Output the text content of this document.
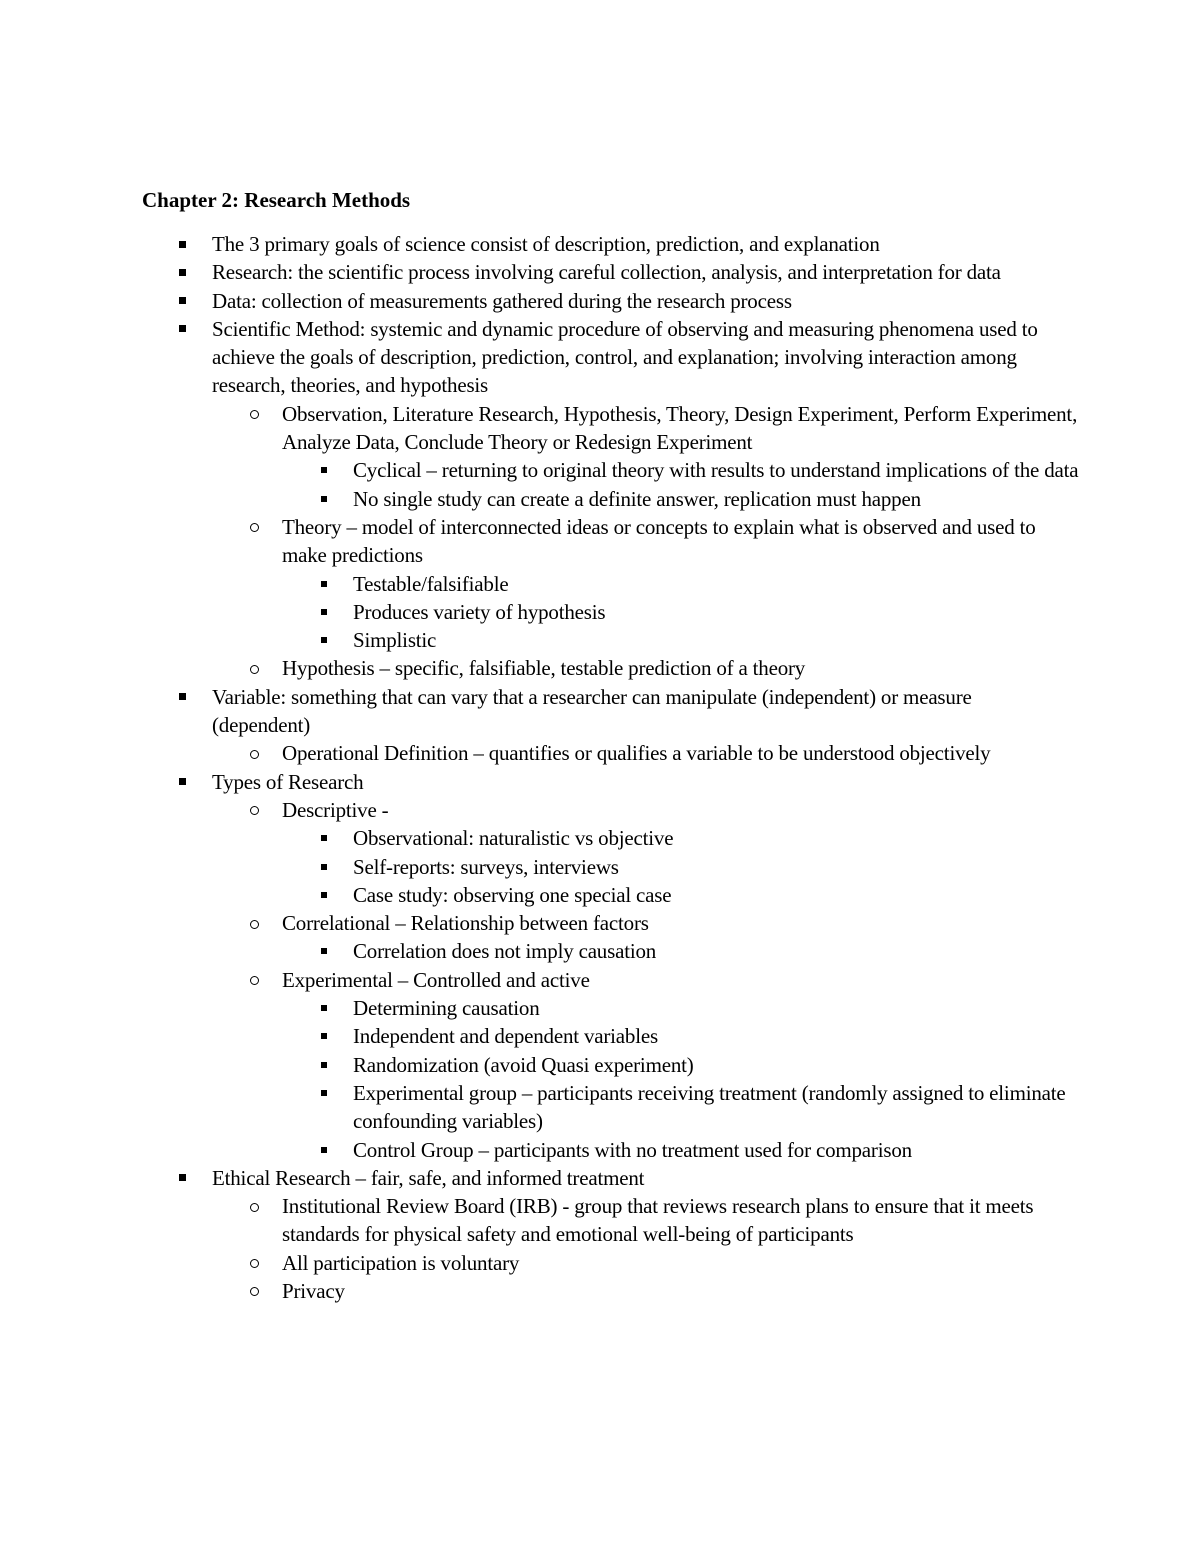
Chapter 2: Research Methods
The 3 primary goals of science consist of description, prediction, and explanation
Research: the scientific process involving careful collection, analysis, and interpretation for data
Data: collection of measurements gathered during the research process
Scientific Method: systemic and dynamic procedure of observing and measuring phenomena used to achieve the goals of description, prediction, control, and explanation; involving interaction among research, theories, and hypothesis
Observation, Literature Research, Hypothesis, Theory, Design Experiment, Perform Experiment, Analyze Data, Conclude Theory or Redesign Experiment
Cyclical – returning to original theory with results to understand implications of the data
No single study can create a definite answer, replication must happen
Theory – model of interconnected ideas or concepts to explain what is observed and used to make predictions
Testable/falsifiable
Produces variety of hypothesis
Simplistic
Hypothesis – specific, falsifiable, testable prediction of a theory
Variable: something that can vary that a researcher can manipulate (independent) or measure (dependent)
Operational Definition – quantifies or qualifies a variable to be understood objectively
Types of Research
Descriptive -
Observational: naturalistic vs objective
Self-reports: surveys, interviews
Case study: observing one special case
Correlational – Relationship between factors
Correlation does not imply causation
Experimental – Controlled and active
Determining causation
Independent and dependent variables
Randomization (avoid Quasi experiment)
Experimental group – participants receiving treatment (randomly assigned to eliminate confounding variables)
Control Group – participants with no treatment used for comparison
Ethical Research – fair, safe, and informed treatment
Institutional Review Board (IRB) - group that reviews research plans to ensure that it meets standards for physical safety and emotional well-being of participants
All participation is voluntary
Privacy
